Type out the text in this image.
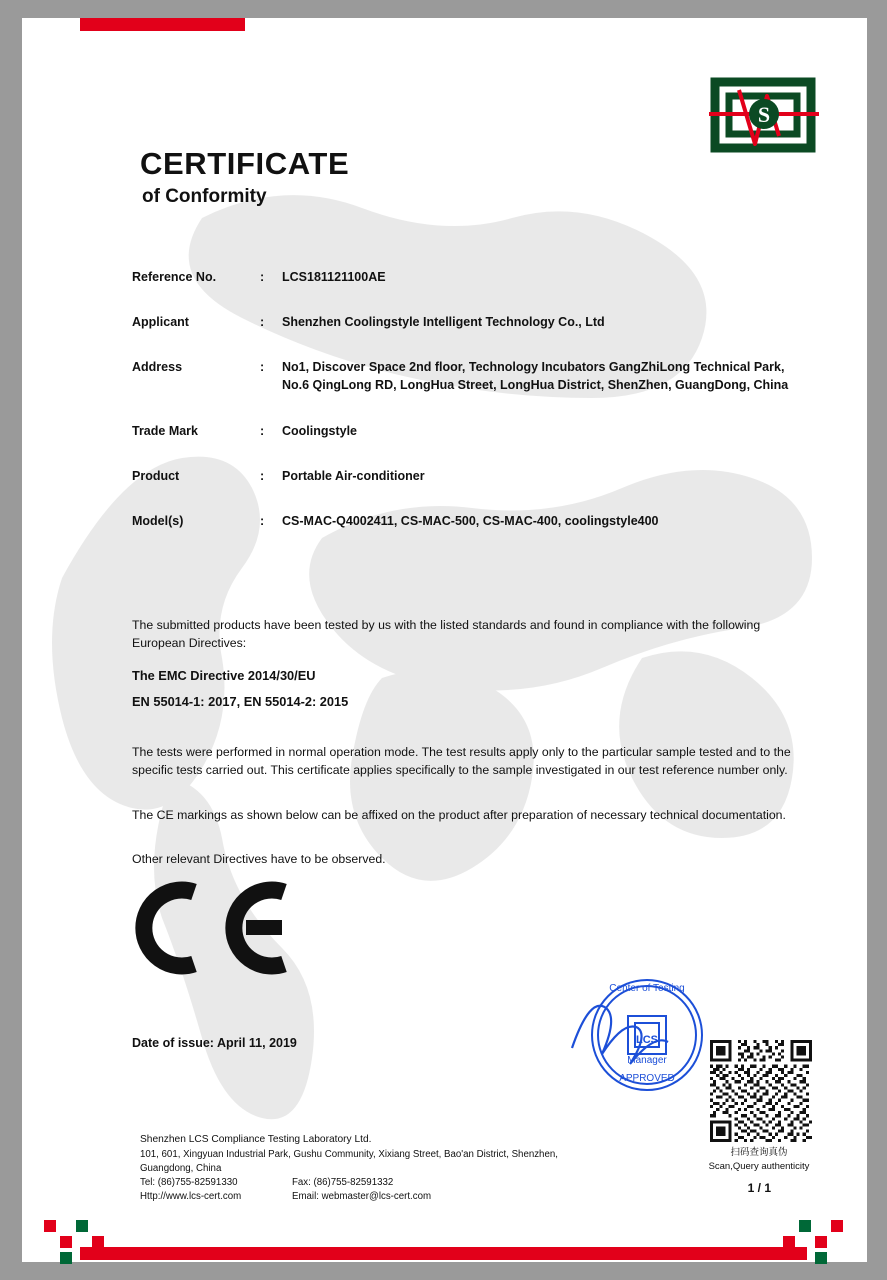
S
CERTIFICATE
of Conformity
Reference No.	:	LCS181121100AE
Applicant	:	Shenzhen Coolingstyle Intelligent Technology Co., Ltd
Address	:	No1, Discover Space 2nd floor, Technology Incubators GangZhiLong Technical Park, No.6 QingLong RD, LongHua Street, LongHua District, ShenZhen, GuangDong, China
Trade Mark	:	Coolingstyle
Product	:	Portable Air-conditioner
Model(s)	:	CS-MAC-Q4002411, CS-MAC-500, CS-MAC-400, coolingstyle400
The submitted products have been tested by us with the listed standards and found in compliance with the following European Directives:
The EMC Directive 2014/30/EU
EN 55014-1: 2017, EN 55014-2: 2015
The tests were performed in normal operation mode. The test results apply only to the particular sample tested and to the specific tests carried out. This certificate applies specifically to the sample investigated in our test reference number only.
The CE markings as shown below can be affixed on the product after preparation of necessary technical documentation.
Other relevant Directives have to be observed.
Date of issue: April 11, 2019
Center of Testing
LCS
Manager
APPROVED
扫码查询真伪
Scan,Query authenticity
Shenzhen LCS Compliance Testing Laboratory Ltd.
101, 601, Xingyuan Industrial Park, Gushu Community, Xixiang Street, Bao'an District, Shenzhen,
Guangdong, China
Tel: (86)755-82591330	Fax: (86)755-82591332
Http://www.lcs-cert.com	Email: webmaster@lcs-cert.com
1 / 1
